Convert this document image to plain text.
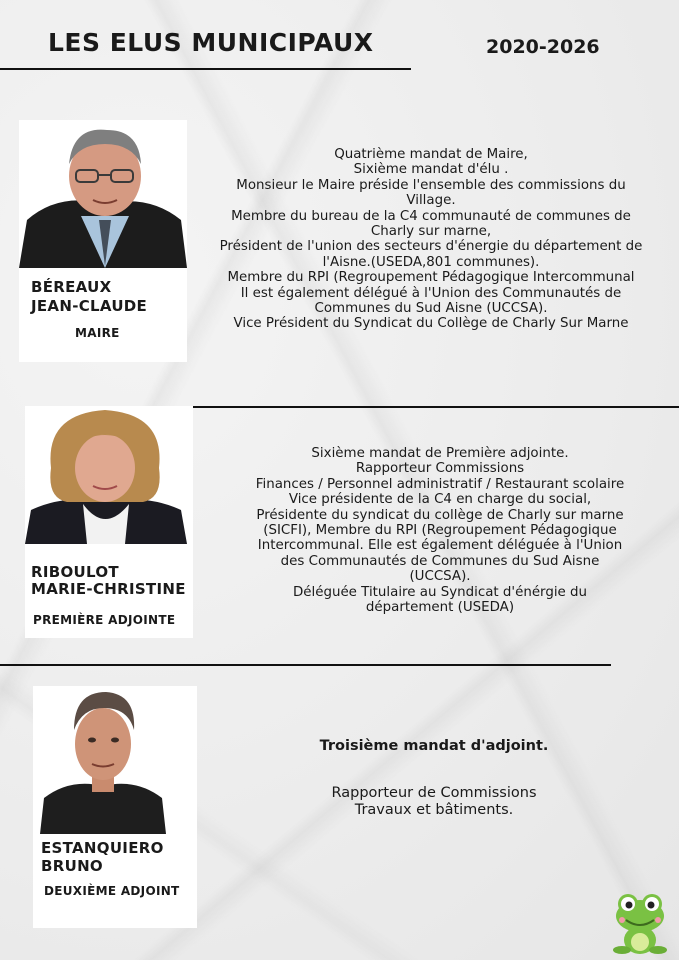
LES ELUS MUNICIPAUX	2020-2026
BÉREAUX
JEAN-CLAUDE
MAIRE
Quatrième mandat de Maire,
Sixième mandat d'élu .
Monsieur le Maire préside l'ensemble des commissions du
Village.
Membre du bureau de la C4 communauté de communes de
Charly sur marne,
Président de l'union des secteurs d'énergie du département de
l'Aisne.(USEDA,801 communes).
Membre du RPI (Regroupement Pédagogique Intercommunal
Il est également délégué à l'Union des Communautés de
Communes du Sud Aisne (UCCSA).
Vice Président du Syndicat du Collège de Charly Sur Marne
RIBOULOT
MARIE-CHRISTINE
PREMIÈRE ADJOINTE
Sixième mandat de Première adjointe.
Rapporteur Commissions
Finances / Personnel administratif / Restaurant scolaire
Vice présidente de la C4 en charge du social,
Présidente du syndicat du collège de Charly sur marne
(SICFI), Membre du RPI (Regroupement Pédagogique
Intercommunal. Elle est également déléguée à l'Union
des Communautés de Communes du Sud Aisne
(UCCSA).
Déléguée Titulaire au Syndicat d'énérgie du
département (USEDA)
ESTANQUIERO
BRUNO
DEUXIÈME ADJOINT
Troisième mandat d'adjoint.
Rapporteur de Commissions
Travaux et bâtiments.
